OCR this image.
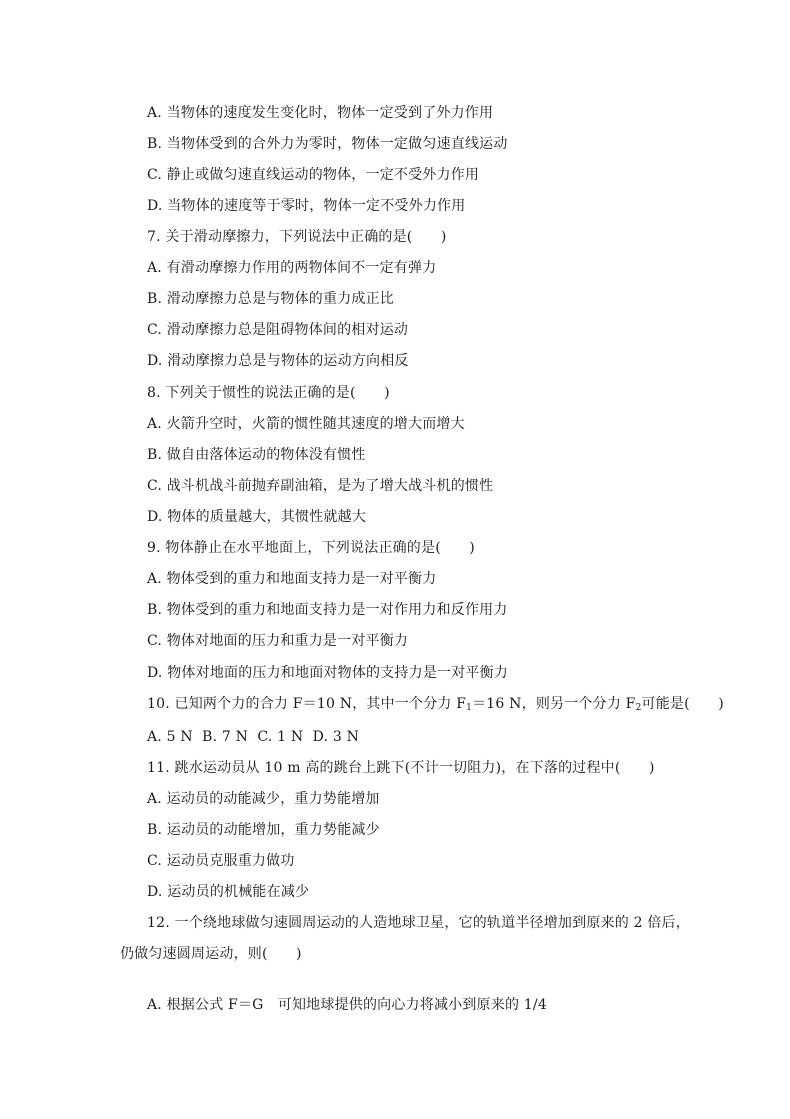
A. 当物体的速度发生变化时，物体一定受到了外力作用
B. 当物体受到的合外力为零时，物体一定做匀速直线运动
C. 静止或做匀速直线运动的物体，一定不受外力作用
D. 当物体的速度等于零时，物体一定不受外力作用
7. 关于滑动摩擦力，下列说法中正确的是(　　)
A. 有滑动摩擦力作用的两物体间不一定有弹力
B. 滑动摩擦力总是与物体的重力成正比
C. 滑动摩擦力总是阻碍物体间的相对运动
D. 滑动摩擦力总是与物体的运动方向相反
8. 下列关于惯性的说法正确的是(　　)
A. 火箭升空时，火箭的惯性随其速度的增大而增大
B. 做自由落体运动的物体没有惯性
C. 战斗机战斗前抛弃副油箱，是为了增大战斗机的惯性
D. 物体的质量越大，其惯性就越大
9. 物体静止在水平地面上，下列说法正确的是(　　)
A. 物体受到的重力和地面支持力是一对平衡力
B. 物体受到的重力和地面支持力是一对作用力和反作用力
C. 物体对地面的压力和重力是一对平衡力
D. 物体对地面的压力和地面对物体的支持力是一对平衡力
10. 已知两个力的合力 F＝10 N，其中一个分力 $F_1=16$ N，则另一个分力 $F_2$可能是(　　)
A. 5 N  B. 7 N  C. 1 N  D. 3 N
11. 跳水运动员从 10 m 高的跳台上跳下(不计一切阻力)，在下落的过程中(　　)
A. 运动员的动能减少，重力势能增加
B. 运动员的动能增加，重力势能减少
C. 运动员克服重力做功
D. 运动员的机械能在减少
12. 一个绕地球做匀速圆周运动的人造地球卫星，它的轨道半径增加到原来的 2 倍后，
仍做匀速圆周运动，则(　　)
A. 根据公式 F＝G　可知地球提供的向心力将减小到原来的 1/4
